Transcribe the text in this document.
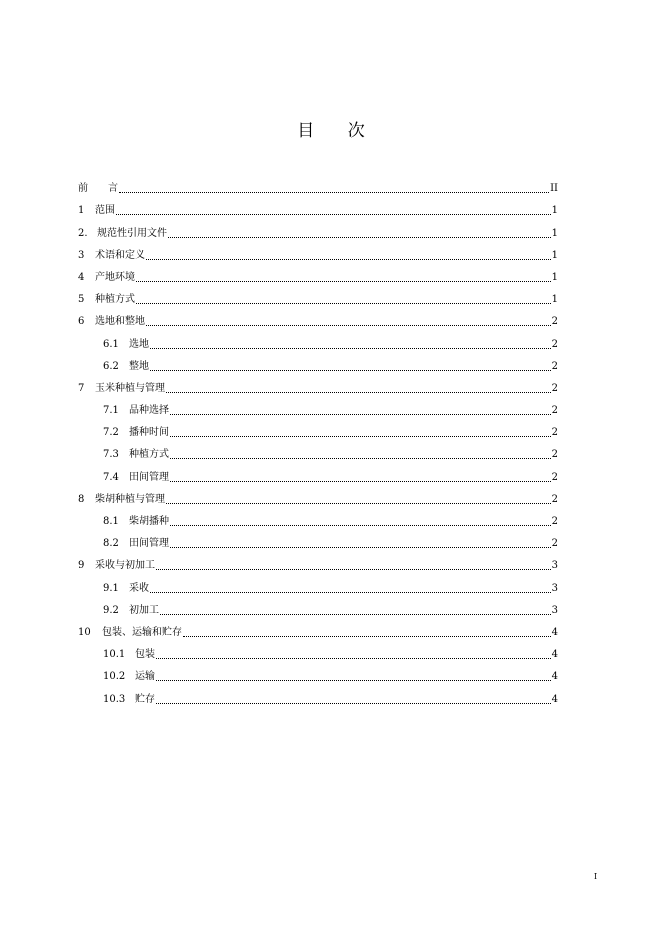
目 次
前	言	II
1	范围	1
2. 规范性引用文件	1
3	术语和定义	1
4	产地环境	1
5	种植方式	1
6	选地和整地	2
6.1	选地	2
6.2	整地	2
7	玉米种植与管理	2
7.1	品种选择	2
7.2	播种时间	2
7.3	种植方式	2
7.4	田间管理	2
8	柴胡种植与管理	2
8.1	柴胡播种	2
8.2	田间管理	2
9	采收与初加工	3
9.1	采收	3
9.2	初加工	3
10	包装、运输和贮存	4
10.1 包装	4
10.2 运输	4
10.3 贮存	4
I
